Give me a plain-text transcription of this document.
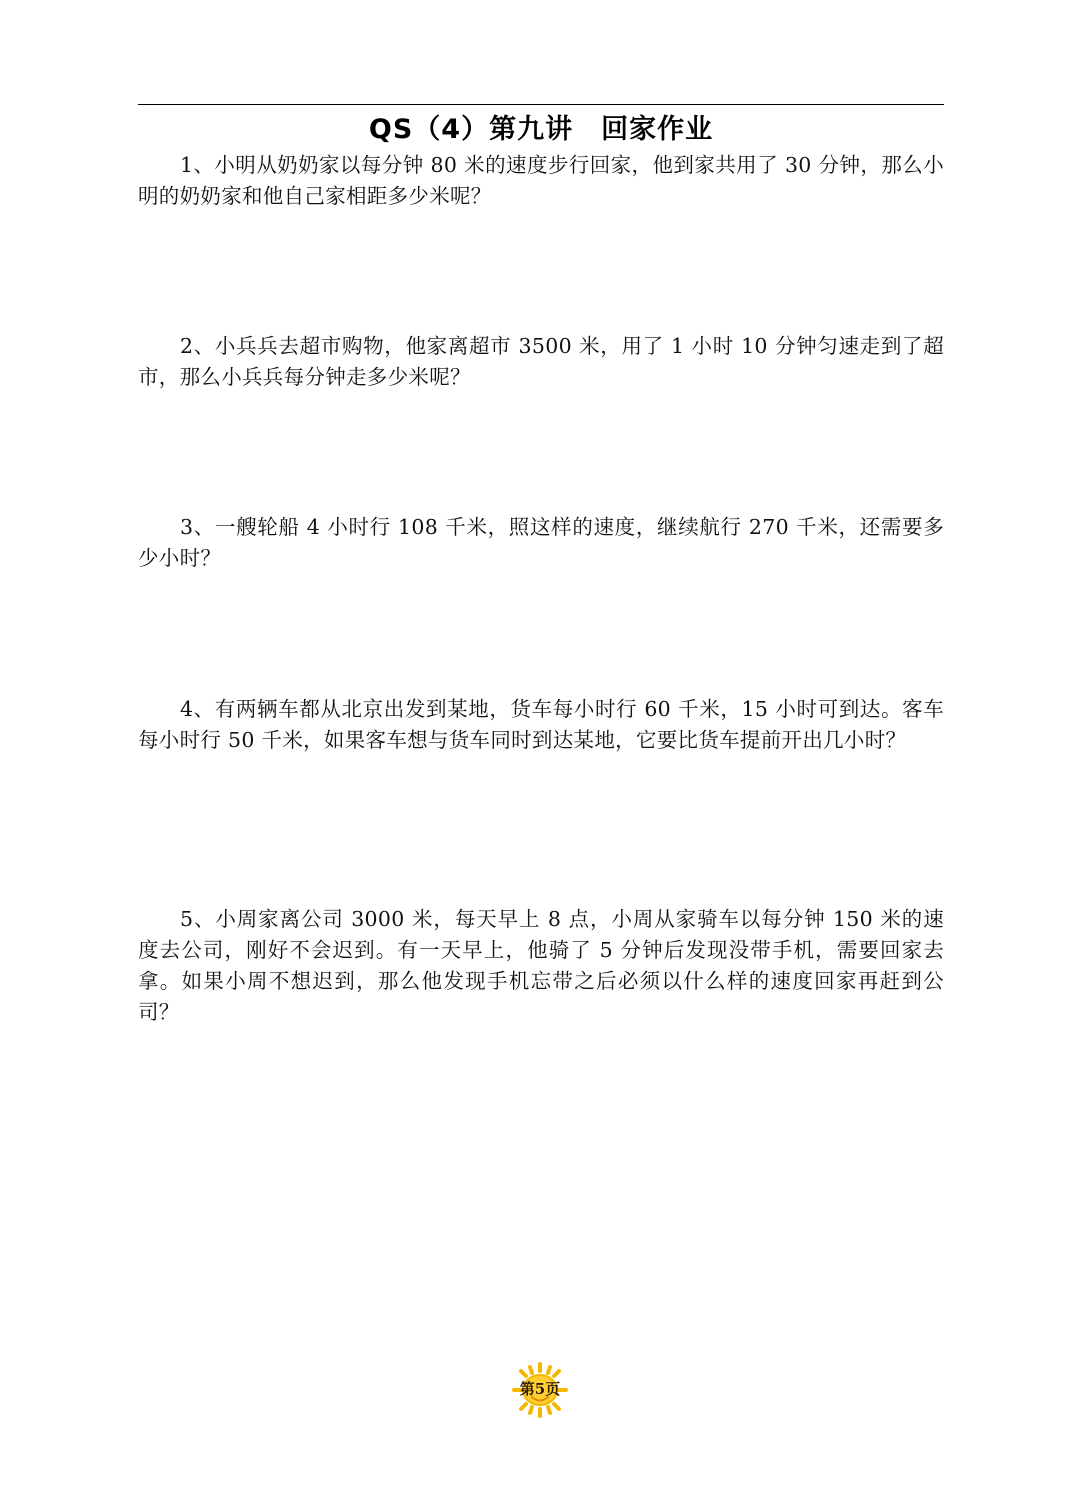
QS（4）第九讲　回家作业

1、小明从奶奶家以每分钟 80 米的速度步行回家，他到家共用了 30 分钟，那么小明的奶奶家和他自己家相距多少米呢？

2、小兵兵去超市购物，他家离超市 3500 米，用了 1 小时 10 分钟匀速走到了超市，那么小兵兵每分钟走多少米呢？

3、一艘轮船 4 小时行 108 千米，照这样的速度，继续航行 270 千米，还需要多少小时？

4、有两辆车都从北京出发到某地，货车每小时行 60 千米，15 小时可到达。客车每小时行 50 千米，如果客车想与货车同时到达某地，它要比货车提前开出几小时？

5、小周家离公司 3000 米，每天早上 8 点，小周从家骑车以每分钟 150 米的速度去公司，刚好不会迟到。有一天早上，他骑了 5 分钟后发现没带手机，需要回家去拿。如果小周不想迟到，那么他发现手机忘带之后必须以什么样的速度回家再赶到公司？

第5页
